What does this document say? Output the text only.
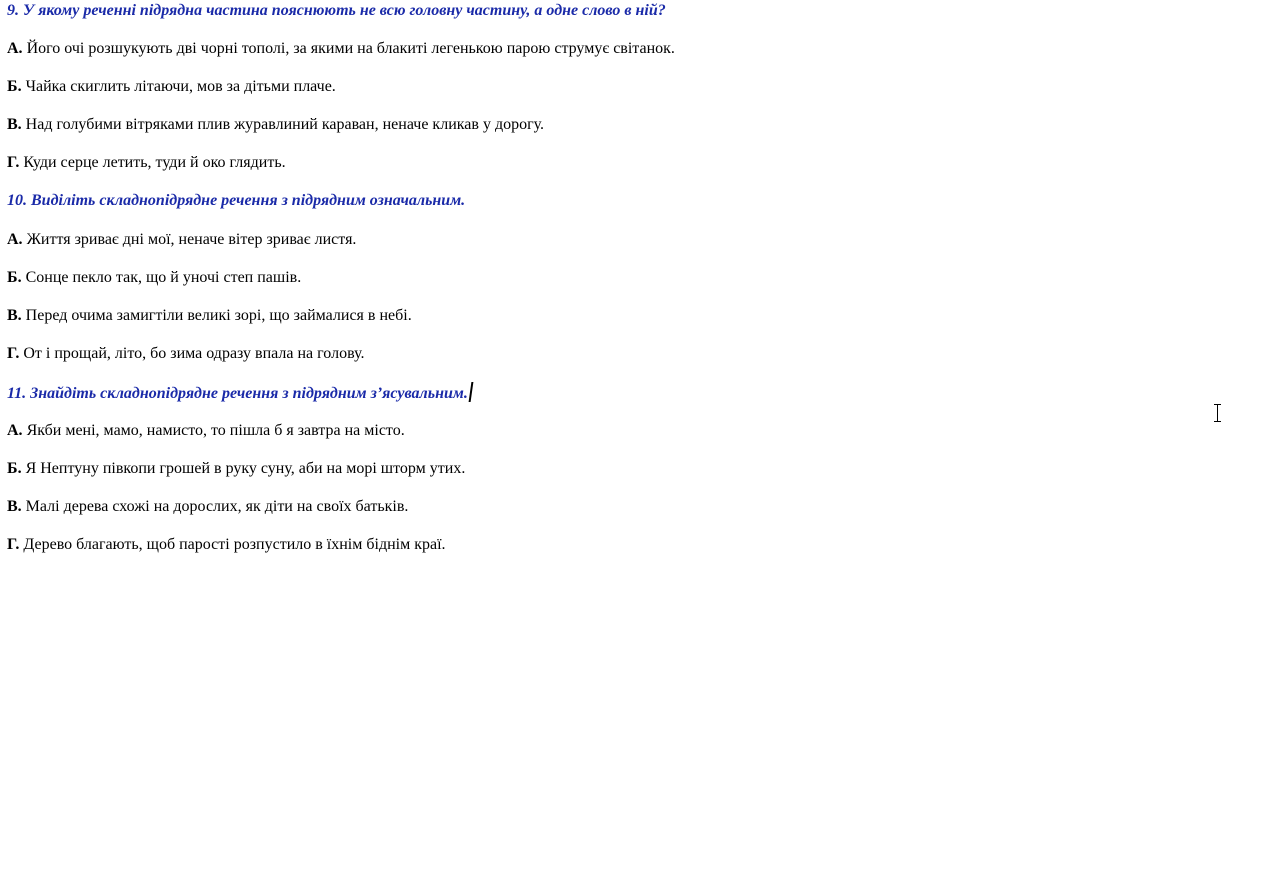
9. У якому реченні підрядна частина пояснюють не всю головну частину, а одне слово в ній?
А. Його очі розшукують дві чорні тополі, за якими на блакиті легенькою парою струмує світанок.
Б. Чайка скиглить літаючи, мов за дітьми плаче.
В. Над голубими вітряками плив журавлиний караван, неначе кликав у дорогу.
Г. Куди серце летить, туди й око глядить.
10. Виділіть складнопідрядне речення з підрядним означальним.
А. Життя зриває дні мої, неначе вітер зриває листя.
Б. Сонце пекло так, що й уночі степ пашів.
В. Перед очима замигтіли великі зорі, що займалися в небі.
Г. От і прощай, літо, бо зима одразу впала на голову.
11. Знайдіть складнопідрядне речення з підрядним з’ясувальним.
А. Якби мені, мамо, намисто, то пішла б я завтра на місто.
Б. Я Нептуну півкопи грошей в руку суну, аби на морі шторм утих.
В. Малі дерева схожі на дорослих, як діти на своїх батьків.
Г. Дерево благають, щоб парості розпустило в їхнім біднім краї.
